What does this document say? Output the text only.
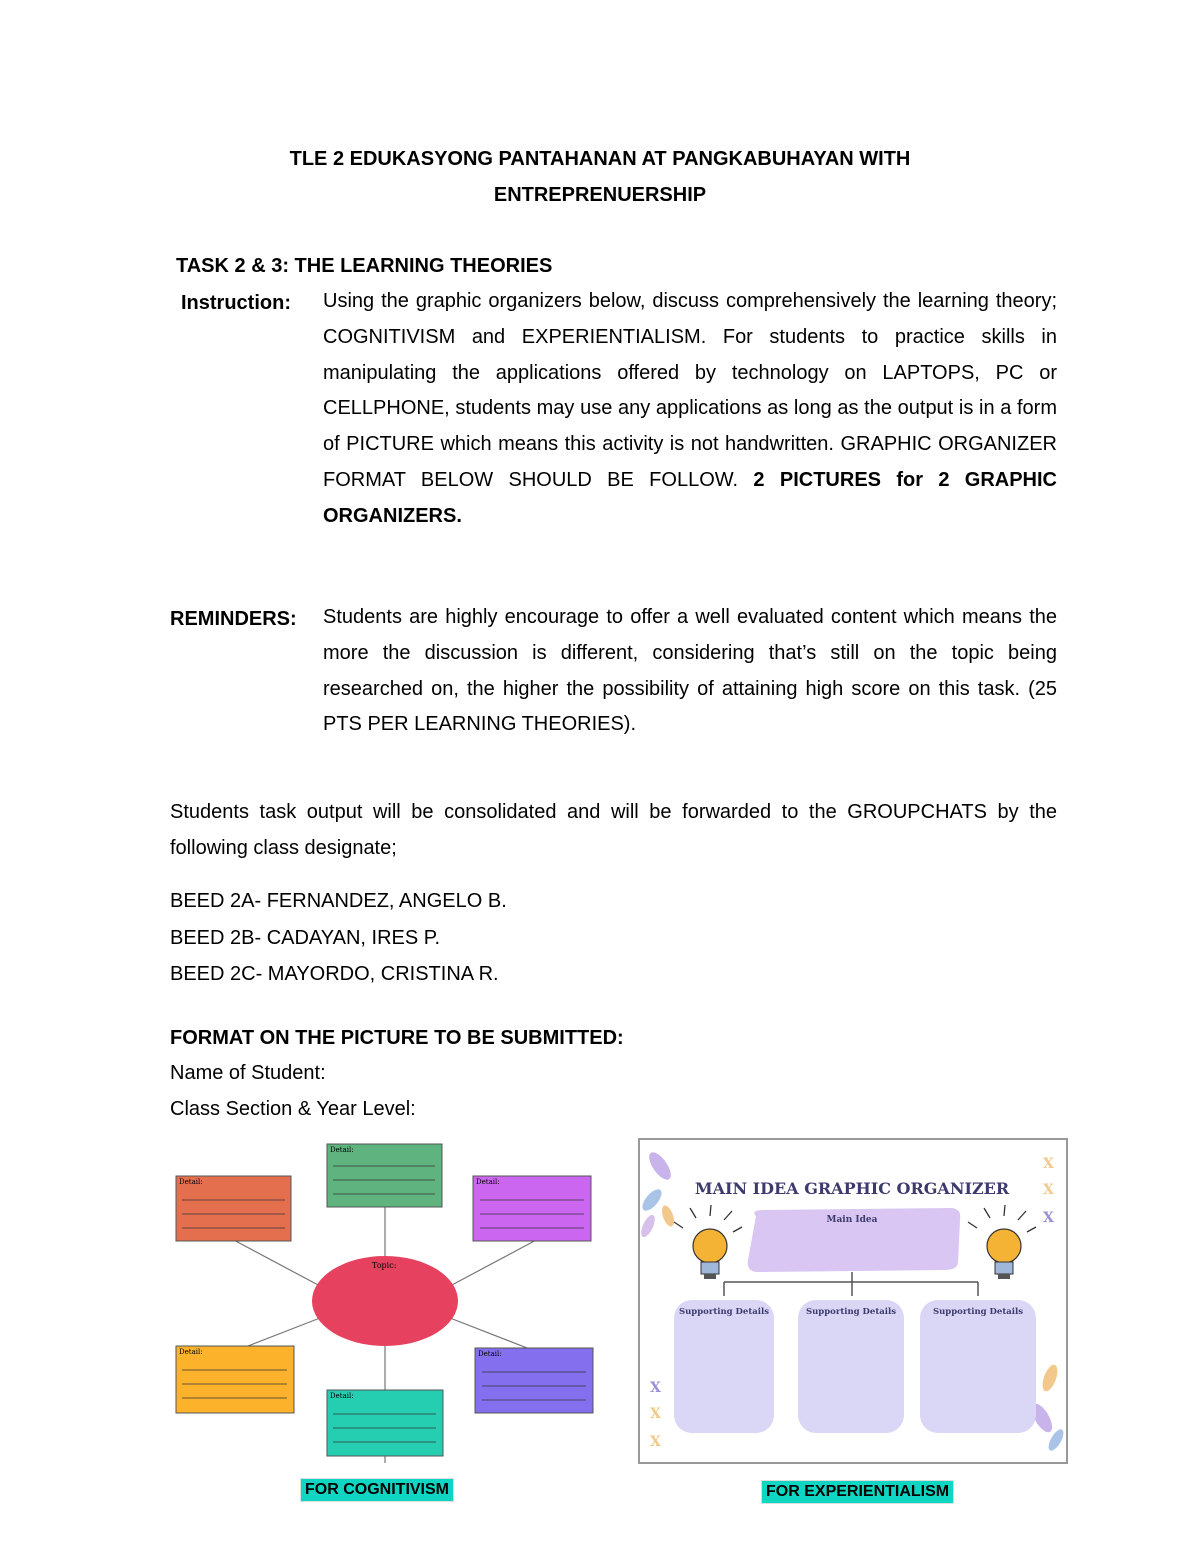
TLE 2 EDUKASYONG PANTAHANAN AT PANGKABUHAYAN WITH
ENTREPRENUERSHIP
TASK 2 & 3: THE LEARNING THEORIES
Instruction: Using the graphic organizers below, discuss comprehensively the learning theory; COGNITIVISM and EXPERIENTIALISM. For students to practice skills in manipulating the applications offered by technology on LAPTOPS, PC or CELLPHONE, students may use any applications as long as the output is in a form of PICTURE which means this activity is not handwritten. GRAPHIC ORGANIZER FORMAT BELOW SHOULD BE FOLLOW. 2 PICTURES for 2 GRAPHIC ORGANIZERS.
REMINDERS: Students are highly encourage to offer a well evaluated content which means the more the discussion is different, considering that’s still on the topic being researched on, the higher the possibility of attaining high score on this task. (25 PTS PER LEARNING THEORIES).
Students task output will be consolidated and will be forwarded to the GROUPCHATS by the following class designate;
BEED 2A- FERNANDEZ, ANGELO B.
BEED 2B- CADAYAN, IRES P.
BEED 2C- MAYORDO, CRISTINA R.
FORMAT ON THE PICTURE TO BE SUBMITTED:
Name of Student:
Class Section & Year Level:
Detail:
Detail:	Detail:
Topic:
Detail:	Detail:
Detail:
X
X
X
X
X
X
MAIN IDEA GRAPHIC ORGANIZER
Main Idea
Supporting Details	Supporting Details	Supporting Details
FOR COGNITIVISM	FOR EXPERIENTIALISM
